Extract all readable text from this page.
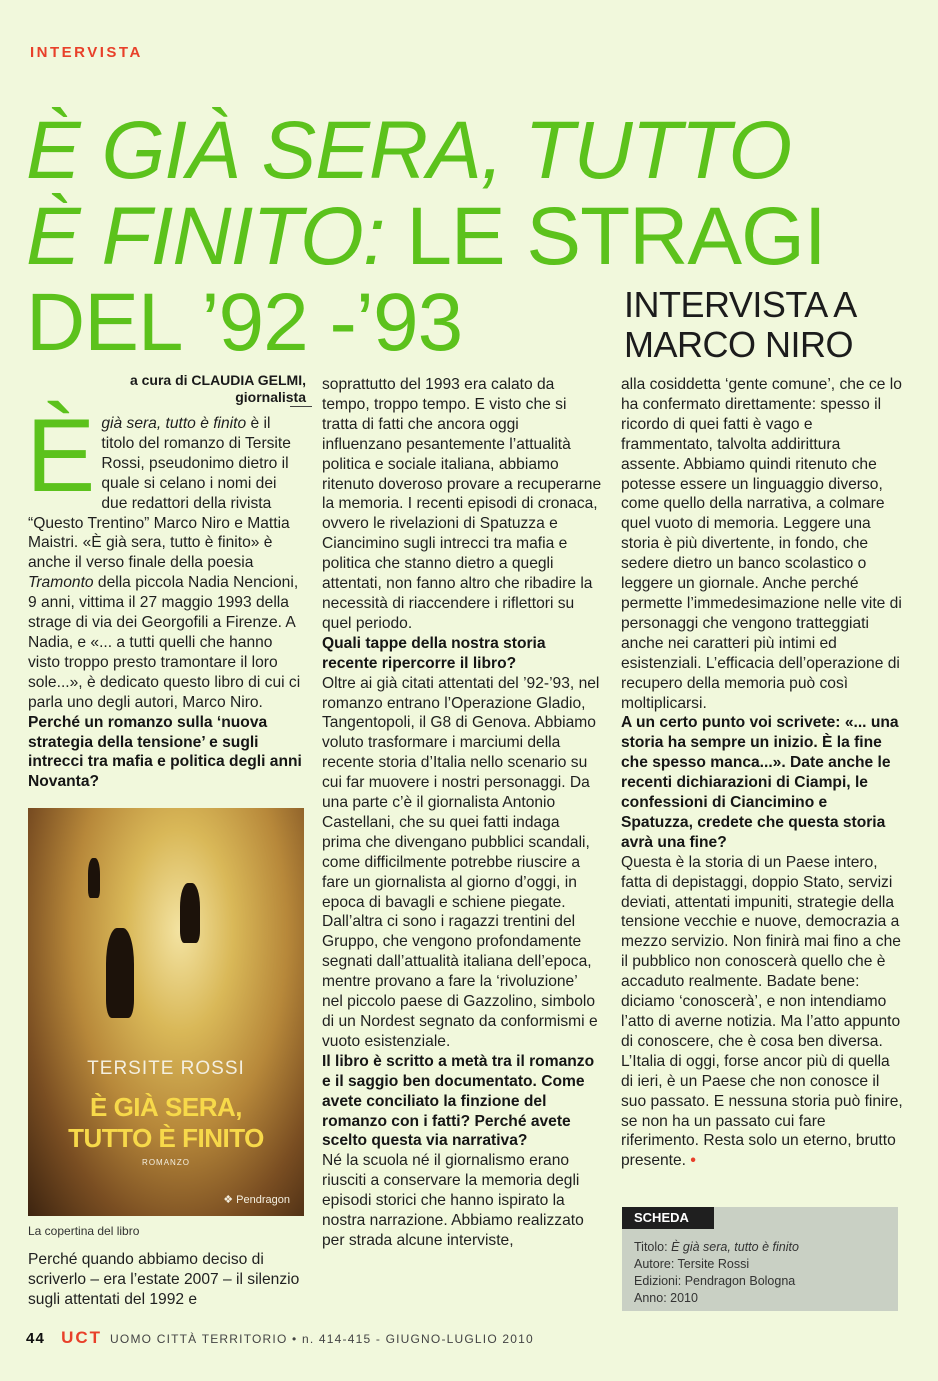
INTERVISTA
È GIÀ SERA, TUTTO
È FINITO: LE STRAGI
DEL ’92 -’93	INTERVISTA A
MARCO NIRO
a cura di CLAUDIA GELMI,
giornalista

Ègià sera, tutto è finito è il titolo del romanzo di Tersite Rossi, pseudonimo dietro il quale si celano i nomi dei due redattori della rivista “Questo Trentino” Marco Niro e Mattia Maistri. «È già sera, tutto è finito» è anche il verso finale della poesia Tramonto della piccola Nadia Nencioni, 9 anni, vittima il 27 maggio 1993 della strage di via dei Georgofili a Firenze. A Nadia, e «... a tutti quelli che hanno visto troppo presto tramontare il loro sole...», è dedicato questo libro di cui ci parla uno degli autori, Marco Niro.

Perché un romanzo sulla ‘nuova strategia della tensione’ e sugli intrecci tra mafia e politica degli anni Novanta?

TERSITE ROSSI
È GIÀ SERA,
TUTTO È FINITO
ROMANZO
❖ Pendragon
La copertina del libro

Perché quando abbiamo deciso di scriverlo – era l’estate 2007 – il silenzio sugli attentati del 1992 e

soprattutto del 1993 era calato da tempo, troppo tempo. E visto che si tratta di fatti che ancora oggi influenzano pesantemente l’attualità politica e sociale italiana, abbiamo ritenuto doveroso provare a recuperarne la memoria. I recenti episodi di cronaca, ovvero le rivelazioni di Spatuzza e Ciancimino sugli intrecci tra mafia e politica che stanno dietro a quegli attentati, non fanno altro che ribadire la necessità di riaccendere i riflettori su quel periodo.

Quali tappe della nostra storia recente ripercorre il libro?

Oltre ai già citati attentati del ’92-’93, nel romanzo entrano l’Operazione Gladio, Tangentopoli, il G8 di Genova. Abbiamo voluto trasformare i marciumi della recente storia d’Italia nello scenario su cui far muovere i nostri personaggi. Da una parte c’è il giornalista Antonio Castellani, che su quei fatti indaga prima che divengano pubblici scandali, come difficilmente potrebbe riuscire a fare un giornalista al giorno d’oggi, in epoca di bavagli e schiene piegate. Dall’altra ci sono i ragazzi trentini del Gruppo, che vengono profondamente segnati dall’attualità italiana dell’epoca, mentre provano a fare la ‘rivoluzione’ nel piccolo paese di Gazzolino, simbolo di un Nordest segnato da conformismi e vuoto esistenziale.

Il libro è scritto a metà tra il romanzo e il saggio ben documentato. Come avete conciliato la finzione del romanzo con i fatti? Perché avete scelto questa via narrativa?

Né la scuola né il giornalismo erano riusciti a conservare la memoria degli episodi storici che hanno ispirato la nostra narrazione. Abbiamo realizzato per strada alcune interviste,

alla cosiddetta ‘gente comune’, che ce lo ha confermato direttamente: spesso il ricordo di quei fatti è vago e frammentato, talvolta addirittura assente. Abbiamo quindi ritenuto che potesse essere un linguaggio diverso, come quello della narrativa, a colmare quel vuoto di memoria. Leggere una storia è più divertente, in fondo, che sedere dietro un banco scolastico o leggere un giornale. Anche perché permette l’immedesimazione nelle vite di personaggi che vengono tratteggiati anche nei caratteri più intimi ed esistenziali. L’efficacia dell’operazione di recupero della memoria può così moltiplicarsi.

A un certo punto voi scrivete: «... una storia ha sempre un inizio. È la fine che spesso manca...». Date anche le recenti dichiarazioni di Ciampi, le confessioni di Ciancimino e Spatuzza, credete che questa storia avrà una fine?

Questa è la storia di un Paese intero, fatta di depistaggi, doppio Stato, servizi deviati, attentati impuniti, strategie della tensione vecchie e nuove, democrazia a mezzo servizio. Non finirà mai fino a che il pubblico non conoscerà quello che è accaduto realmente. Badate bene: diciamo ‘conoscerà’, e non intendiamo l’atto di averne notizia. Ma l’atto appunto di conoscere, che è cosa ben diversa. L’Italia di oggi, forse ancor più di quella di ieri, è un Paese che non conosce il suo passato. E nessuna storia può finire, se non ha un passato cui fare riferimento. Resta solo un eterno, brutto presente. •

SCHEDA
Titolo: È già sera, tutto è finito
Autore: Tersite Rossi
Edizioni: Pendragon Bologna
Anno: 2010
44 UCT UOMO CITTÀ TERRITORIO • n. 414-415 - GIUGNO-LUGLIO 2010
